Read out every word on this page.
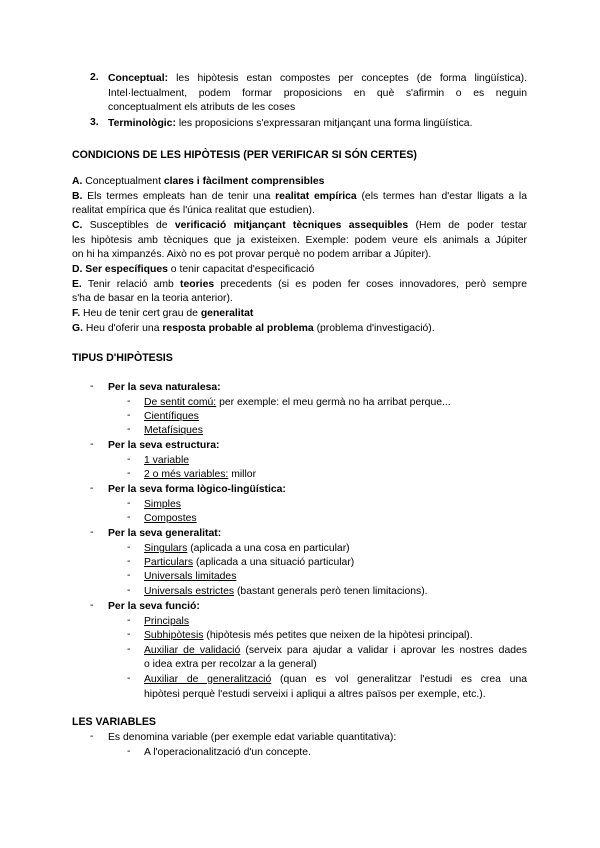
2. Conceptual: les hipòtesis estan compostes per conceptes (de forma lingüística).
Intel·lectualment, podem formar proposicions en què s'afirmin o es neguin
conceptualment els atributs de les coses
3. Terminològic: les proposicions s'expressaran mitjançant una forma lingüística.
CONDICIONS DE LES HIPÒTESIS (PER VERIFICAR SI SÓN CERTES)
A. Conceptualment clares i fàcilment comprensibles
B. Els termes empleats han de tenir una realitat empírica (els termes han d'estar lligats a la
realitat empírica que és l'única realitat que estudien).
C. Susceptibles de verificació mitjançant tècniques assequibles (Hem de poder testar
les hipòtesis amb tècniques que ja existeixen. Exemple: podem veure els animals a Júpiter
on hi ha ximpanzés. Això no es pot provar perquè no podem arribar a Júpiter).
D. Ser específiques o tenir capacitat d'especificació
E. Tenir relació amb teories precedents (si es poden fer coses innovadores, però sempre
s'ha de basar en la teoria anterior).
F. Heu de tenir cert grau de generalitat
G. Heu d'oferir una resposta probable al problema (problema d'investigació).
TIPUS D'HIPÒTESIS
- Per la seva naturalesa:
- De sentit comú: per exemple: el meu germà no ha arribat perque...
- Científiques
- Metafísiques
- Per la seva estructura:
- 1 variable
- 2 o més variables: millor
- Per la seva forma lògico-lingüística:
- Simples
- Compostes
- Per la seva generalitat:
- Singulars (aplicada a una cosa en particular)
- Particulars (aplicada a una situació particular)
- Universals limitades
- Universals estrictes (bastant generals però tenen limitacions).
- Per la seva funció:
- Principals
- Subhipòtesis (hipòtesis més petites que neixen de la hipòtesi principal).
- Auxiliar de validació (serveix para ajudar a validar i aprovar les nostres dades
o idea extra per recolzar a la general)
- Auxiliar de generalització (quan es vol generalitzar l'estudi es crea una
hipòtesi perquè l'estudi serveixi i apliqui a altres països per exemple, etc.).
LES VARIABLES
- Es denomina variable (per exemple edat variable quantitativa):
- A l'operacionalització d'un concepte.
